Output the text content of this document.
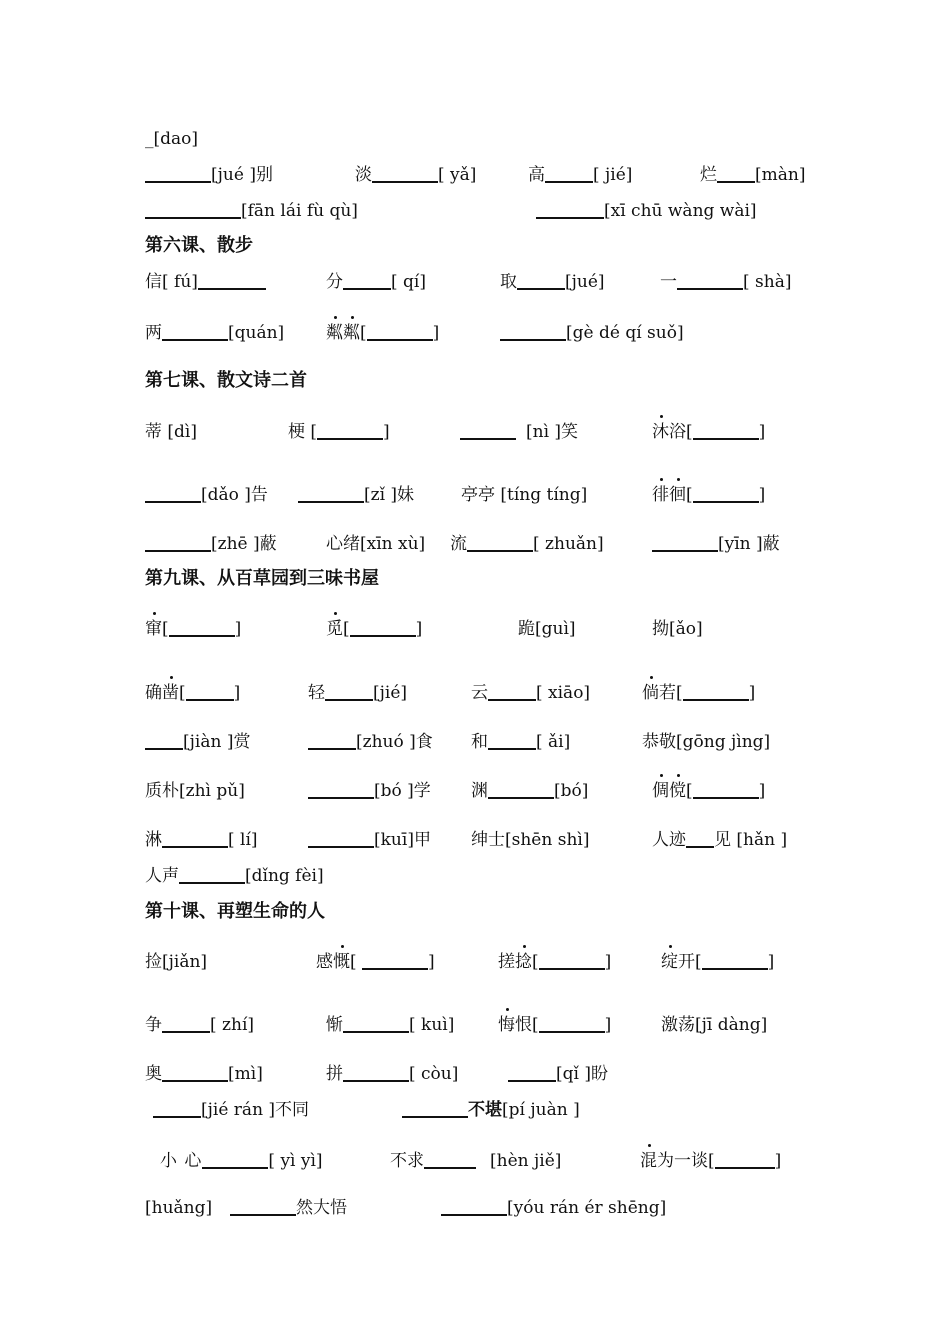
_[dao]
[jué ]别	淡	[ yǎ]	高	[ jié]	烂 [màn]
[fān lái fù qù]	[xī chū wàng wài]
第六课、散步
信[ fú]	分	[ qí]	取	[jué]	一	[ shà]
两	[quán] 粼粼[	]	[gè dé qí suǒ]
第七课、散文诗二首
蒂 [dì]	梗 [	]	[nì ]笑	沐浴[	]
[dǎo ]告	[zǐ ]妹	亭亭 [tíng tíng]	徘徊[	]
[zhē ]蔽	心绪[xīn xù] 流	[ zhuǎn]	[yīn ]蔽
第九课、从百草园到三味书屋
窜[	]	觅[	]	跪[guì]	拗[ǎo]
确凿[	]	轻	[jié]	云	[ xiāo]	倘若[	]
[jiàn ]赏	[zhuó ]食 和	[ ǎi]	恭敬[gōng jìng]
质朴[zhì pǔ]	[bó ]学 渊	[bó]	倜傥[	]
淋	[ lí]	[kuī]甲 绅士[shēn shì]	人迹 见 [hǎn ]
人声	[dǐng fèi]
第十课、再塑生命的人
捡[jiǎn]	感慨[	]	搓捻[	]	绽开[	]
争	[ zhí]	惭	[ kuì]	悔恨[	]	激荡[jī dàng]
奥	[mì]	拼	[ còu]	[qǐ ]盼
[jié rán ]不同	不堪[pí juàn ]
小 心	[ yì yì]	不求	[hèn jiě]	混为一谈[	]
[huǎng]	然大悟	[yóu rán ér shēng]
